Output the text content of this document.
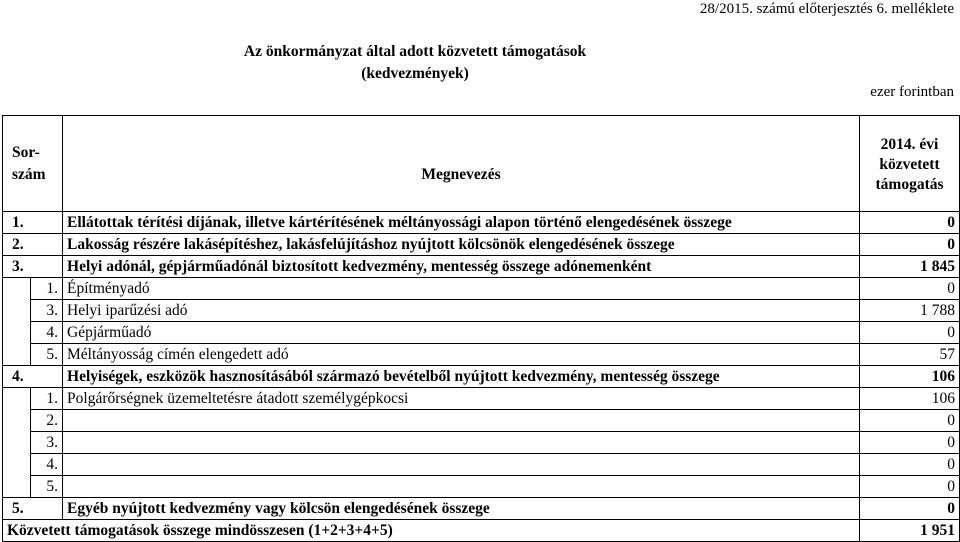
28/2015. számú előterjesztés 6. melléklete
Az önkormányzat által adott közvetett támogatások
(kedvezmények)
ezer forintban
Sor-
szám		Megnevezés	2014. évi
közvetett
támogatás
1.		Ellátottak térítési díjának, illetve kártérítésének méltányossági alapon történő elengedésének összege	0
2.		Lakosság részére lakásépítéshez, lakásfelújításhoz nyújtott kölcsönök elengedésének összege	0
3.		Helyi adónál, gépjárműadónál biztosított kedvezmény, mentesség összege adónemenként	1 845
	1.	Építményadó	0
	3.	Helyi iparűzési adó	1 788
	4.	Gépjárműadó	0
	5.	Méltányosság címén elengedett adó	57
4.		Helyiségek, eszközök hasznosításából származó bevételből nyújtott kedvezmény, mentesség összege	106
	1.	Polgárőrségnek üzemeltetésre átadott személygépkocsi	106
	2.		0
	3.		0
	4.		0
	5.		0
5.		Egyéb nyújtott kedvezmény vagy kölcsön elengedésének összege	0
Közvetett támogatások összege mindösszesen (1+2+3+4+5)			1 951
